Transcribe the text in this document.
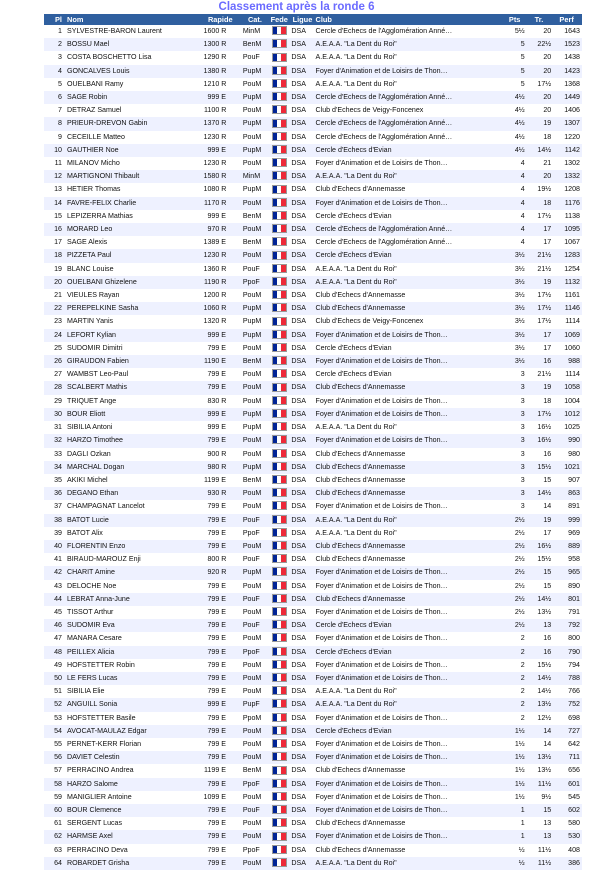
Classement après la ronde 6
Pl	Nom	Rapide		Cat.	Fede	Ligue	Club	Pts	Tr.	Perf
1	SYLVESTRE-BARON Laurent	1600	R	MinM		DSA	Cercle d'Echecs de l'Agglomération Anné…	5½	20	1643
2	BOSSU Mael	1300	R	BenM		DSA	A.E.A.A. "La Dent du Roi"	5	22½	1523
3	COSTA BOSCHETTO Lisa	1290	R	PouF		DSA	A.E.A.A. "La Dent du Roi"	5	20	1438
4	GONCALVES Louis	1380	R	PupM		DSA	Foyer d'Animation et de Loisirs de Thon…	5	20	1423
5	OUELBANI Ramy	1210	R	PouM		DSA	A.E.A.A. "La Dent du Roi"	5	17½	1368
6	SAGE Robin	999	E	PupM		DSA	Cercle d'Echecs de l'Agglomération Anné…	4½	20	1449
7	DETRAZ Samuel	1100	R	PouM		DSA	Club d'Echecs de Veigy-Foncenex	4½	20	1406
8	PRIEUR-DREVON Gabin	1370	R	PupM		DSA	Cercle d'Echecs de l'Agglomération Anné…	4½	19	1307
9	CECEILLE Matteo	1230	R	PouM		DSA	Cercle d'Echecs de l'Agglomération Anné…	4½	18	1220
10	GAUTHIER Noe	999	E	PupM		DSA	Cercle d'Echecs d'Evian	4½	14½	1142
11	MILANOV Micho	1230	R	PouM		DSA	Foyer d'Animation et de Loisirs de Thon…	4	21	1302
12	MARTIGNONI Thibault	1580	R	MinM		DSA	A.E.A.A. "La Dent du Roi"	4	20	1332
13	HETIER Thomas	1080	R	PupM		DSA	Club d'Echecs d'Annemasse	4	19½	1208
14	FAVRE-FELIX Charlie	1170	R	PouM		DSA	Foyer d'Animation et de Loisirs de Thon…	4	18	1176
15	LEPIZERRA Mathias	999	E	BenM		DSA	Cercle d'Echecs d'Evian	4	17½	1138
16	MORARD Leo	970	R	PouM		DSA	Cercle d'Echecs de l'Agglomération Anné…	4	17	1095
17	SAGE Alexis	1389	E	BenM		DSA	Cercle d'Echecs de l'Agglomération Anné…	4	17	1067
18	PIZZETA Paul	1230	R	PouM		DSA	Cercle d'Echecs d'Evian	3½	21½	1283
19	BLANC Louise	1360	R	PouF		DSA	A.E.A.A. "La Dent du Roi"	3½	21½	1254
20	OUELBANI Ghizelene	1190	R	PpoF		DSA	A.E.A.A. "La Dent du Roi"	3½	19	1132
21	VIEULES Rayan	1200	R	PouM		DSA	Club d'Echecs d'Annemasse	3½	17½	1161
22	PEREPELKINE Sasha	1060	R	PupM		DSA	Club d'Echecs d'Annemasse	3½	17½	1146
23	MARTIN Yanis	1320	R	PupM		DSA	Club d'Echecs de Veigy-Foncenex	3½	17½	1114
24	LEFORT Kylian	999	E	PupM		DSA	Foyer d'Animation et de Loisirs de Thon…	3½	17	1069
25	SUDOMIR Dimitri	799	E	PouM		DSA	Cercle d'Echecs d'Evian	3½	17	1060
26	GIRAUDON Fabien	1190	E	BenM		DSA	Foyer d'Animation et de Loisirs de Thon…	3½	16	988
27	WAMBST Leo-Paul	799	E	PouM		DSA	Cercle d'Echecs d'Evian	3	21½	1114
28	SCALBERT Mathis	799	E	PouM		DSA	Club d'Echecs d'Annemasse	3	19	1058
29	TRIQUET Ange	830	R	PouM		DSA	Foyer d'Animation et de Loisirs de Thon…	3	18	1004
30	BOUR Eliott	999	E	PupM		DSA	Foyer d'Animation et de Loisirs de Thon…	3	17½	1012
31	SIBILIA Antoni	999	E	PupM		DSA	A.E.A.A. "La Dent du Roi"	3	16½	1025
32	HARZO Timothee	799	E	PouM		DSA	Foyer d'Animation et de Loisirs de Thon…	3	16½	990
33	DAGLI Ozkan	900	R	PouM		DSA	Club d'Echecs d'Annemasse	3	16	980
34	MARCHAL Dogan	980	R	PupM		DSA	Club d'Echecs d'Annemasse	3	15½	1021
35	AKIKI Michel	1199	E	BenM		DSA	Club d'Echecs d'Annemasse	3	15	907
36	DEGANO Ethan	930	R	PouM		DSA	Club d'Echecs d'Annemasse	3	14½	863
37	CHAMPAGNAT Lancelot	799	E	PouM		DSA	Foyer d'Animation et de Loisirs de Thon…	3	14	891
38	BATOT Lucie	799	E	PouF		DSA	A.E.A.A. "La Dent du Roi"	2½	19	999
39	BATOT Alix	799	E	PpoF		DSA	A.E.A.A. "La Dent du Roi"	2½	17	969
40	FLORENTIN Enzo	799	E	PouM		DSA	Club d'Echecs d'Annemasse	2½	16½	889
41	BIRAUD-MAROUZ Enji	800	R	PouF		DSA	Club d'Echecs d'Annemasse	2½	15½	958
42	CHARIT Amine	920	R	PupM		DSA	Foyer d'Animation et de Loisirs de Thon…	2½	15	965
43	DELOCHE Noe	799	E	PouM		DSA	Foyer d'Animation et de Loisirs de Thon…	2½	15	890
44	LEBRAT Anna-June	799	E	PouF		DSA	Club d'Echecs d'Annemasse	2½	14½	801
45	TISSOT Arthur	799	E	PouM		DSA	Foyer d'Animation et de Loisirs de Thon…	2½	13½	791
46	SUDOMIR Eva	799	E	PouF		DSA	Cercle d'Echecs d'Evian	2½	13	792
47	MANARA Cesare	799	E	PouM		DSA	Foyer d'Animation et de Loisirs de Thon…	2	16	800
48	PEILLEX Alicia	799	E	PpoF		DSA	Cercle d'Echecs d'Evian	2	16	790
49	HOFSTETTER Robin	799	E	PouM		DSA	Foyer d'Animation et de Loisirs de Thon…	2	15½	794
50	LE FERS Lucas	799	E	PouM		DSA	Foyer d'Animation et de Loisirs de Thon…	2	14½	788
51	SIBILIA Elie	799	E	PouM		DSA	A.E.A.A. "La Dent du Roi"	2	14½	766
52	ANGUILL Sonia	999	E	PupF		DSA	A.E.A.A. "La Dent du Roi"	2	13½	752
53	HOFSTETTER Basile	799	E	PpoM		DSA	Foyer d'Animation et de Loisirs de Thon…	2	12½	698
54	AVOCAT-MAULAZ Edgar	799	E	PouM		DSA	Cercle d'Echecs d'Evian	1½	14	727
55	PERNET-KERR Florian	799	E	PouM		DSA	Foyer d'Animation et de Loisirs de Thon…	1½	14	642
56	DAVIET Celestin	799	E	PouM		DSA	Foyer d'Animation et de Loisirs de Thon…	1½	13½	711
57	PERRACINO Andrea	1199	E	BenM		DSA	Club d'Echecs d'Annemasse	1½	13½	656
58	HARZO Salome	799	E	PpoF		DSA	Foyer d'Animation et de Loisirs de Thon…	1½	11½	601
59	MANIGLIER Antoine	1099	E	PouM		DSA	Foyer d'Animation et de Loisirs de Thon…	1½	9½	545
60	BOUR Clemence	799	E	PouF		DSA	Foyer d'Animation et de Loisirs de Thon…	1	15	602
61	SERGENT Lucas	799	E	PouM		DSA	Club d'Echecs d'Annemasse	1	13	580
62	HARMSE Axel	799	E	PouM		DSA	Foyer d'Animation et de Loisirs de Thon…	1	13	530
63	PERRACINO Deva	799	E	PpoF		DSA	Club d'Echecs d'Annemasse	½	11½	408
64	ROBARDET Grisha	799	E	PouM		DSA	A.E.A.A. "La Dent du Roi"	½	11½	386
